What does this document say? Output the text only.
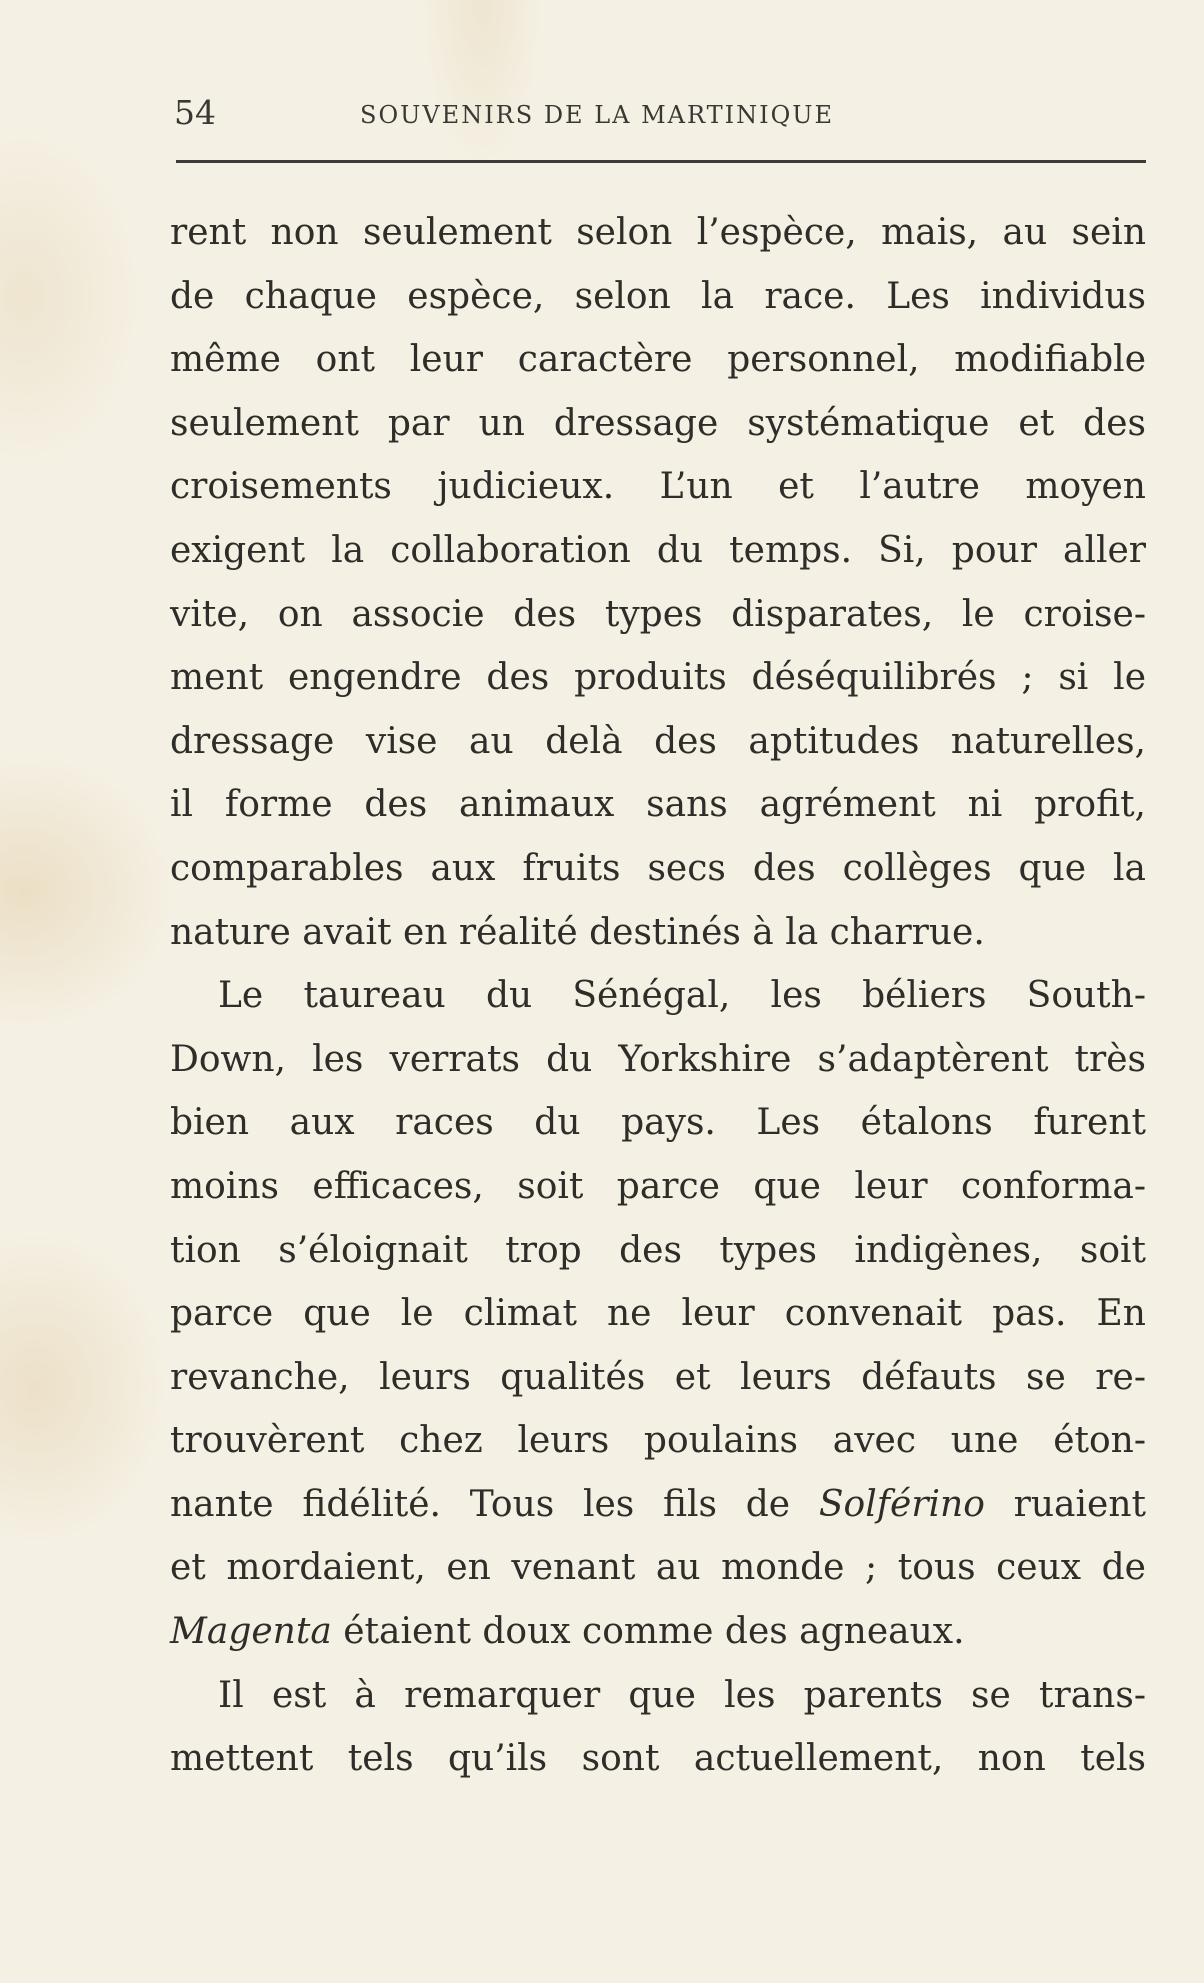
54	SOUVENIRS DE LA MARTINIQUE
rent non seulement selon l’espèce, mais, au sein
de chaque espèce, selon la race. Les individus
même ont leur caractère personnel, modifiable
seulement par un dressage systématique et des
croisements judicieux. L’un et l’autre moyen
exigent la collaboration du temps. Si, pour aller
vite, on associe des types disparates, le croise-
ment engendre des produits déséquilibrés ; si le
dressage vise au delà des aptitudes naturelles,
il forme des animaux sans agrément ni profit,
comparables aux fruits secs des collèges que la
nature avait en réalité destinés à la charrue.
Le taureau du Sénégal, les béliers South-
Down, les verrats du Yorkshire s’adaptèrent très
bien aux races du pays. Les étalons furent
moins efficaces, soit parce que leur conforma-
tion s’éloignait trop des types indigènes, soit
parce que le climat ne leur convenait pas. En
revanche, leurs qualités et leurs défauts se re-
trouvèrent chez leurs poulains avec une éton-
nante fidélité. Tous les fils de Solférino ruaient
et mordaient, en venant au monde ; tous ceux de
Magenta étaient doux comme des agneaux.
Il est à remarquer que les parents se trans-
mettent tels qu’ils sont actuellement, non tels
